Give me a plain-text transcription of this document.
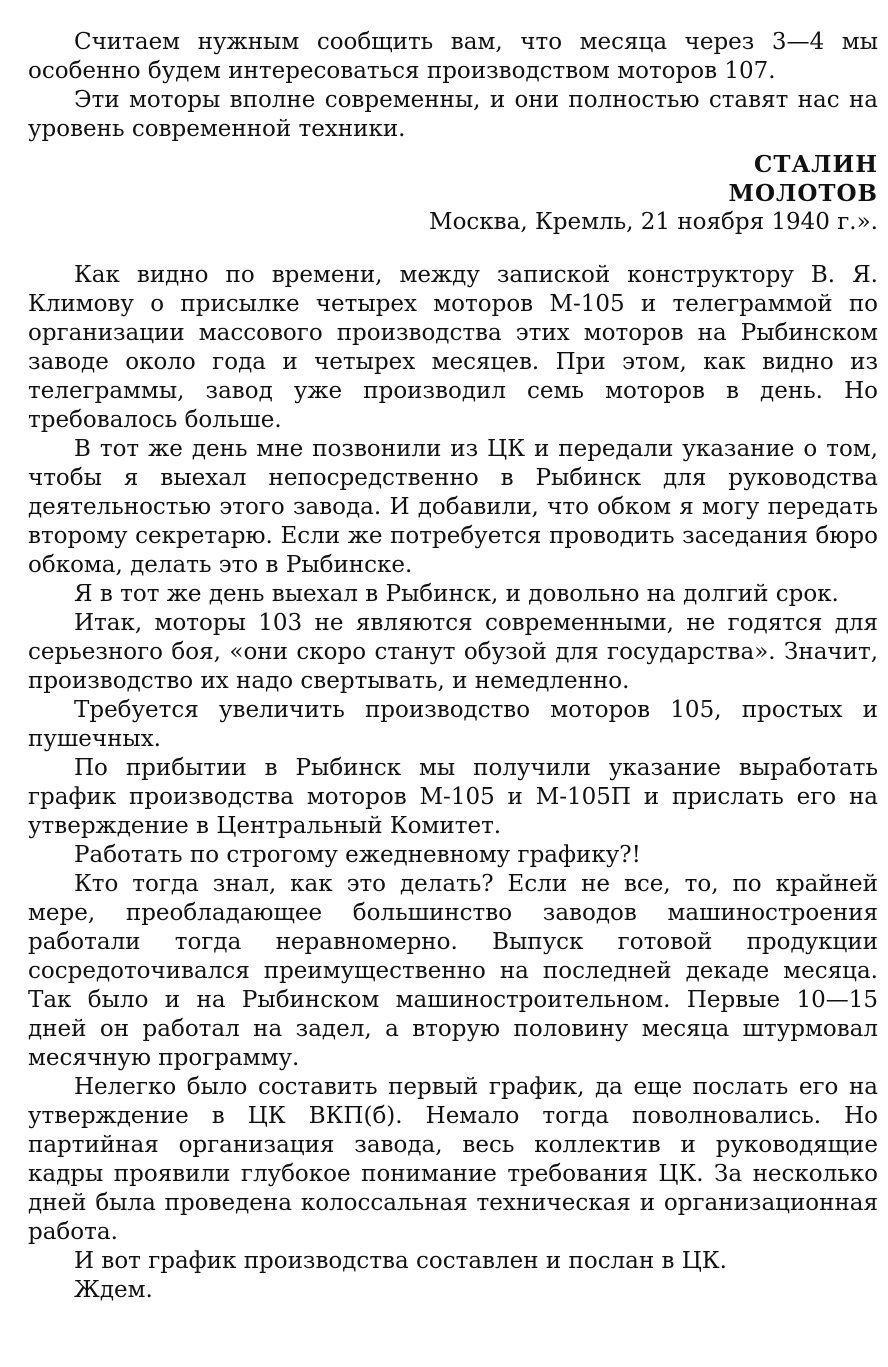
Считаем нужным сообщить вам, что месяца через 3—4 мы особенно будем интересоваться производством моторов 107.

Эти моторы вполне современны, и они полностью ставят нас на уровень современной техники.

СТАЛИН
МОЛОТОВ
Москва, Кремль, 21 ноября 1940 г.».

Как видно по времени, между запиской конструктору В. Я. Климову о присылке четырех моторов М-105 и телеграммой по организации массового производства этих моторов на Рыбинском заводе около года и четырех месяцев. При этом, как видно из телеграммы, завод уже производил семь моторов в день. Но требовалось больше.

В тот же день мне позвонили из ЦК и передали указание о том, чтобы я выехал непосредственно в Рыбинск для руководства деятельностью этого завода. И добавили, что обком я могу передать второму секретарю. Если же потребуется проводить заседания бюро обкома, делать это в Рыбинске.

Я в тот же день выехал в Рыбинск, и довольно на долгий срок.

Итак, моторы 103 не являются современными, не годятся для серьезного боя, «они скоро станут обузой для государства». Значит, производство их надо свертывать, и немедленно.

Требуется увеличить производство моторов 105, простых и пушечных.

По прибытии в Рыбинск мы получили указание выработать график производства моторов М-105 и М-105П и прислать его на утверждение в Центральный Комитет.

Работать по строгому ежедневному графику?!

Кто тогда знал, как это делать? Если не все, то, по крайней мере, преобладающее большинство заводов машиностроения работали тогда неравномерно. Выпуск готовой продукции сосредоточивался преимущественно на последней декаде месяца. Так было и на Рыбинском машиностроительном. Первые 10—15 дней он работал на задел, а вторую половину месяца штурмовал месячную программу.

Нелегко было составить первый график, да еще послать его на утверждение в ЦК ВКП(б). Немало тогда поволновались. Но партийная организация завода, весь коллектив и руководящие кадры проявили глубокое понимание требования ЦК. За несколько дней была проведена колоссальная техническая и организационная работа.

И вот график производства составлен и послан в ЦК.

Ждем.
